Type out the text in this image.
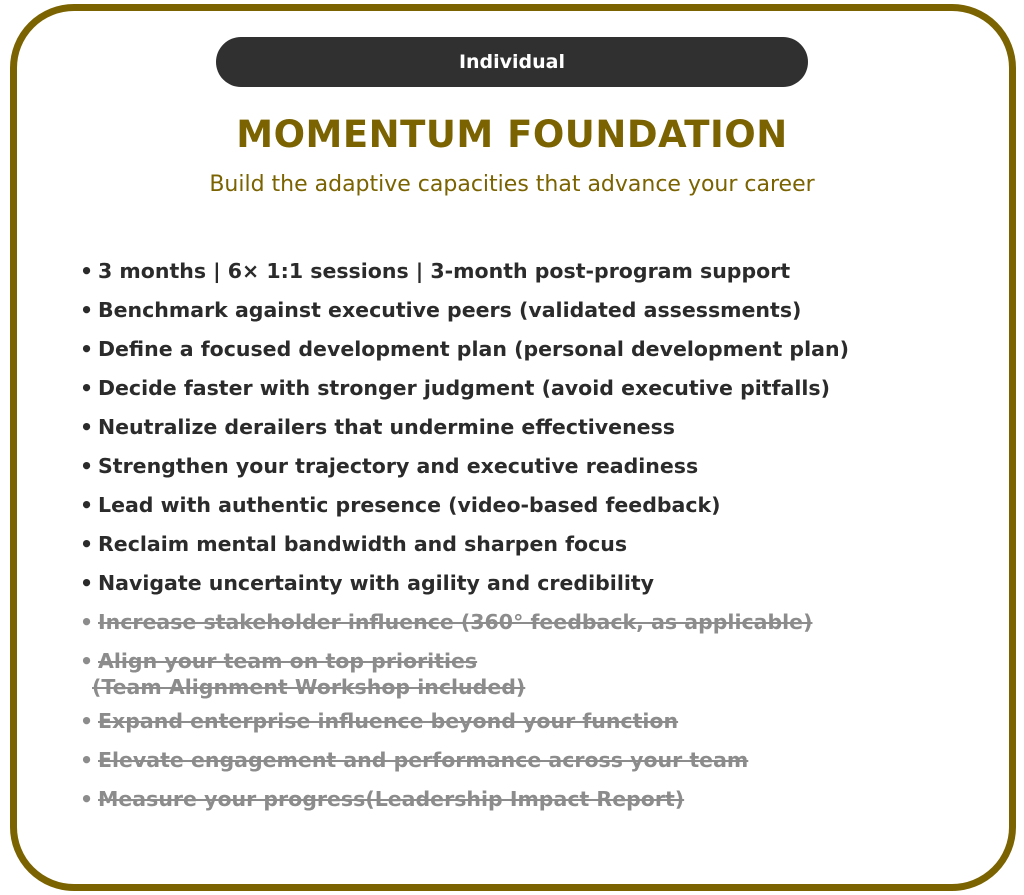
Individual
MOMENTUM FOUNDATION
Build the adaptive capacities that advance your career
• 3 months | 6× 1:1 sessions | 3-month post-program support
• Benchmark against executive peers (validated assessments)
• Define a focused development plan (personal development plan)
• Decide faster with stronger judgment (avoid executive pitfalls)
• Neutralize derailers that undermine effectiveness
• Strengthen your trajectory and executive readiness
• Lead with authentic presence (video-based feedback)
• Reclaim mental bandwidth and sharpen focus
• Navigate uncertainty with agility and credibility
• Increase stakeholder influence (360° feedback, as applicable)
• Align your team on top priorities
(Team Alignment Workshop included)
• Expand enterprise influence beyond your function
• Elevate engagement and performance across your team
• Measure your progress(Leadership Impact Report)
